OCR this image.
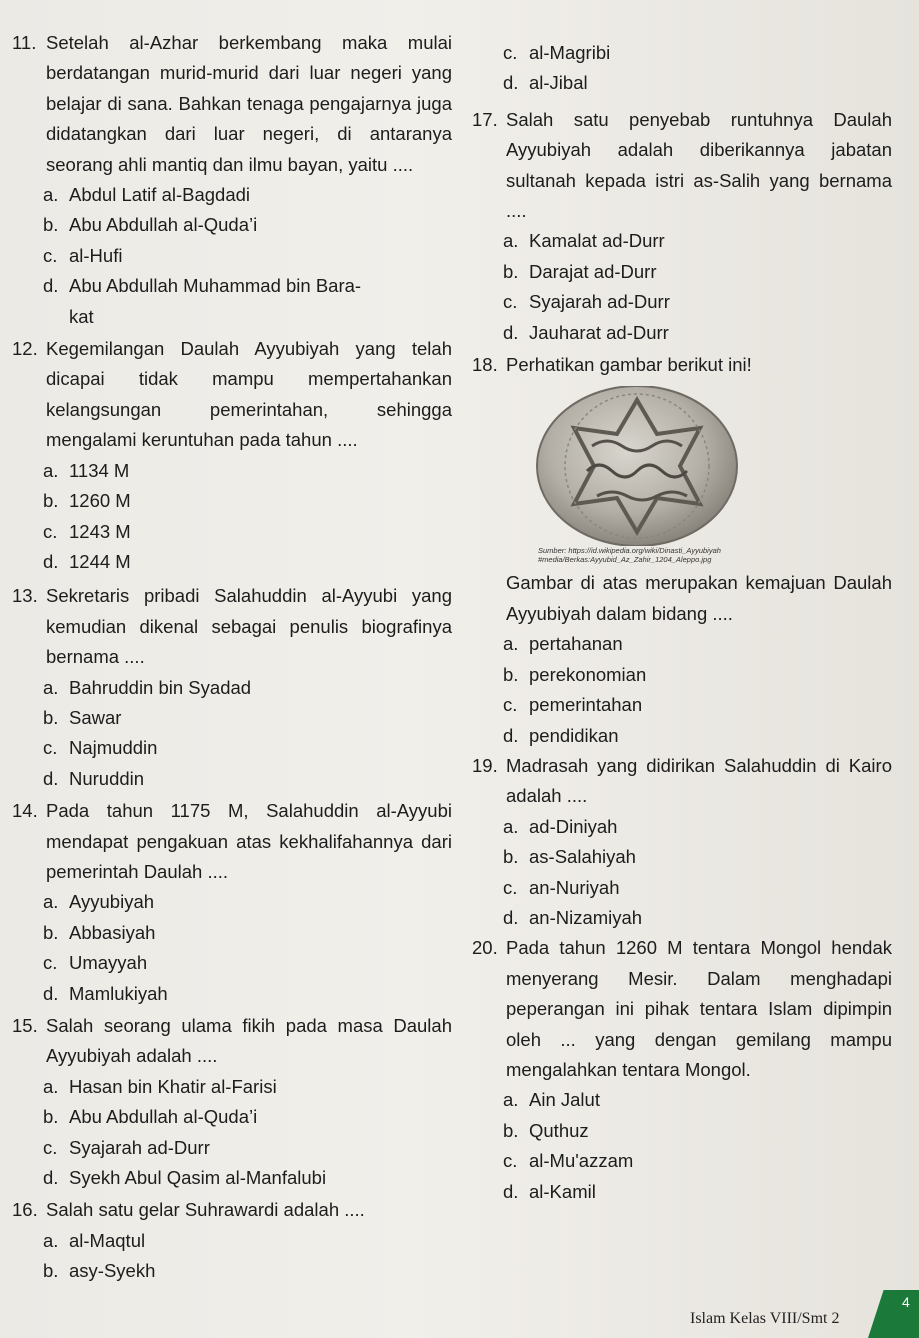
11. Setelah al-Azhar berkembang maka mulai berdatangan murid-murid dari luar negeri yang belajar di sana. Bahkan tenaga pengajarnya juga didatangkan dari luar negeri, di antaranya seorang ahli mantiq dan ilmu bayan, yaitu ....
a. Abdul Latif al-Bagdadi
b. Abu Abdullah al-Quda’i
c. al-Hufi
d. Abu Abdullah Muhammad bin Bara-
kat
12. Kegemilangan Daulah Ayyubiyah yang telah dicapai tidak mampu mempertahankan kelangsungan pemerintahan, sehingga mengalami keruntuhan pada tahun ....
a. 1134 M
b. 1260 M
c. 1243 M
d. 1244 M
13. Sekretaris pribadi Salahuddin al-Ayyubi yang kemudian dikenal sebagai penulis biografinya bernama ....
a. Bahruddin bin Syadad
b. Sawar
c. Najmuddin
d. Nuruddin
14. Pada tahun 1175 M, Salahuddin al-Ayyubi mendapat pengakuan atas kekhalifahannya dari pemerintah Daulah ....
a. Ayyubiyah
b. Abbasiyah
c. Umayyah
d. Mamlukiyah
15. Salah seorang ulama fikih pada masa Daulah Ayyubiyah adalah ....
a. Hasan bin Khatir al-Farisi
b. Abu Abdullah al-Quda’i
c. Syajarah ad-Durr
d. Syekh Abul Qasim al-Manfalubi
16. Salah satu gelar Suhrawardi adalah ....
a. al-Maqtul
b. asy-Syekh
c. al-Magribi
d. al-Jibal
17. Salah satu penyebab runtuhnya Daulah Ayyubiyah adalah diberikannya jabatan sultanah kepada istri as-Salih yang bernama ....
a. Kamalat ad-Durr
b. Darajat ad-Durr
c. Syajarah ad-Durr
d. Jauharat ad-Durr
18. Perhatikan gambar berikut ini!
Sumber: https://id.wikipedia.org/wiki/Dinasti_Ayyubiyah
#media/Berkas:Ayyubid_Az_Zahir_1204_Aleppo.jpg
Gambar di atas merupakan kemajuan Daulah Ayyubiyah dalam bidang ....
a. pertahanan
b. perekonomian
c. pemerintahan
d. pendidikan
19. Madrasah yang didirikan Salahuddin di Kairo adalah ....
a. ad-Diniyah
b. as-Salahiyah
c. an-Nuriyah
d. an-Nizamiyah
20. Pada tahun 1260 M tentara Mongol hendak menyerang Mesir. Dalam menghadapi peperangan ini pihak tentara Islam dipimpin oleh ... yang dengan gemilang mampu mengalahkan tentara Mongol.
a. Ain Jalut
b. Quthuz
c. al-Mu'azzam
d. al-Kamil
Islam Kelas VIII/Smt 2
4
